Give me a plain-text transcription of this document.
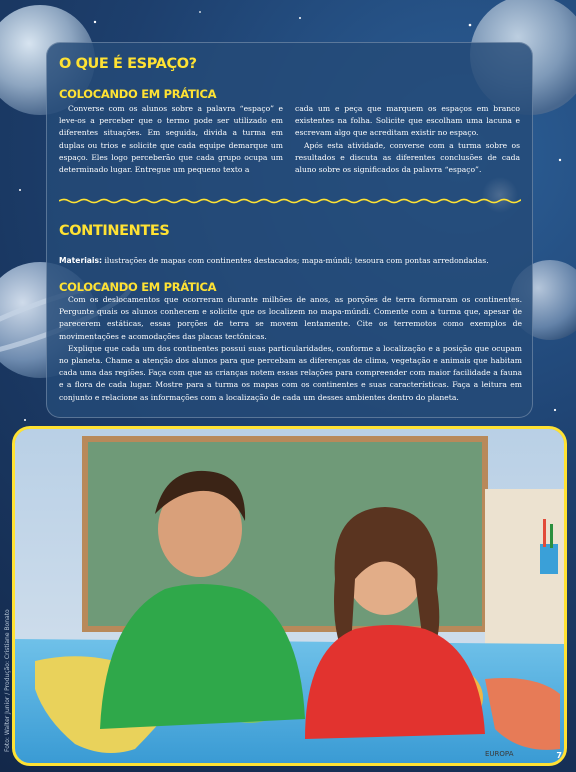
O QUE É ESPAÇO?
COLOCANDO EM PRÁTICA

Converse com os alunos sobre a palavra “espaço” e leve-os a perceber que o termo pode ser utilizado em diferentes situações. Em seguida, divida a turma em duplas ou trios e solicite que cada equipe demarque um espaço. Eles logo perceberão que cada grupo ocupa um determinado lugar. Entregue um pequeno texto a

cada um e peça que marquem os espaços em branco existentes na folha. Solicite que escolham uma lacuna e escrevam algo que acreditam existir no espaço.

Após esta atividade, converse com a turma sobre os resultados e discuta as diferentes conclusões de cada aluno sobre os significados da palavra “espaço”.

CONTINENTES
Materiais: ilustrações de mapas com continentes destacados; mapa-múndi; tesoura com pontas arredondadas.
COLOCANDO EM PRÁTICA

Com os deslocamentos que ocorreram durante milhões de anos, as porções de terra formaram os continentes. Pergunte quais os alunos conhecem e solicite que os localizem no mapa-múndi. Comente com a turma que, apesar de parecerem estáticas, essas porções de terra se movem lentamente. Cite os terremotos como exemplos de movimentações e acomodações das placas tectônicas.

Explique que cada um dos continentes possui suas particularidades, conforme a localização e a posição que ocupam no planeta. Chame a atenção dos alunos para que percebam as diferenças de clima, vegetação e animais que habitam cada uma das regiões. Faça com que as crianças notem essas relações para compreender com maior facilidade a fauna e a flora de cada lugar. Mostre para a turma os mapas com os continentes e suas características. Faça a leitura em conjunto e relacione as informações com a localização de cada um desses ambientes dentro do planeta.

EUROPA
Foto: Walter Junior / Produção: Cristiane Bonato
7
